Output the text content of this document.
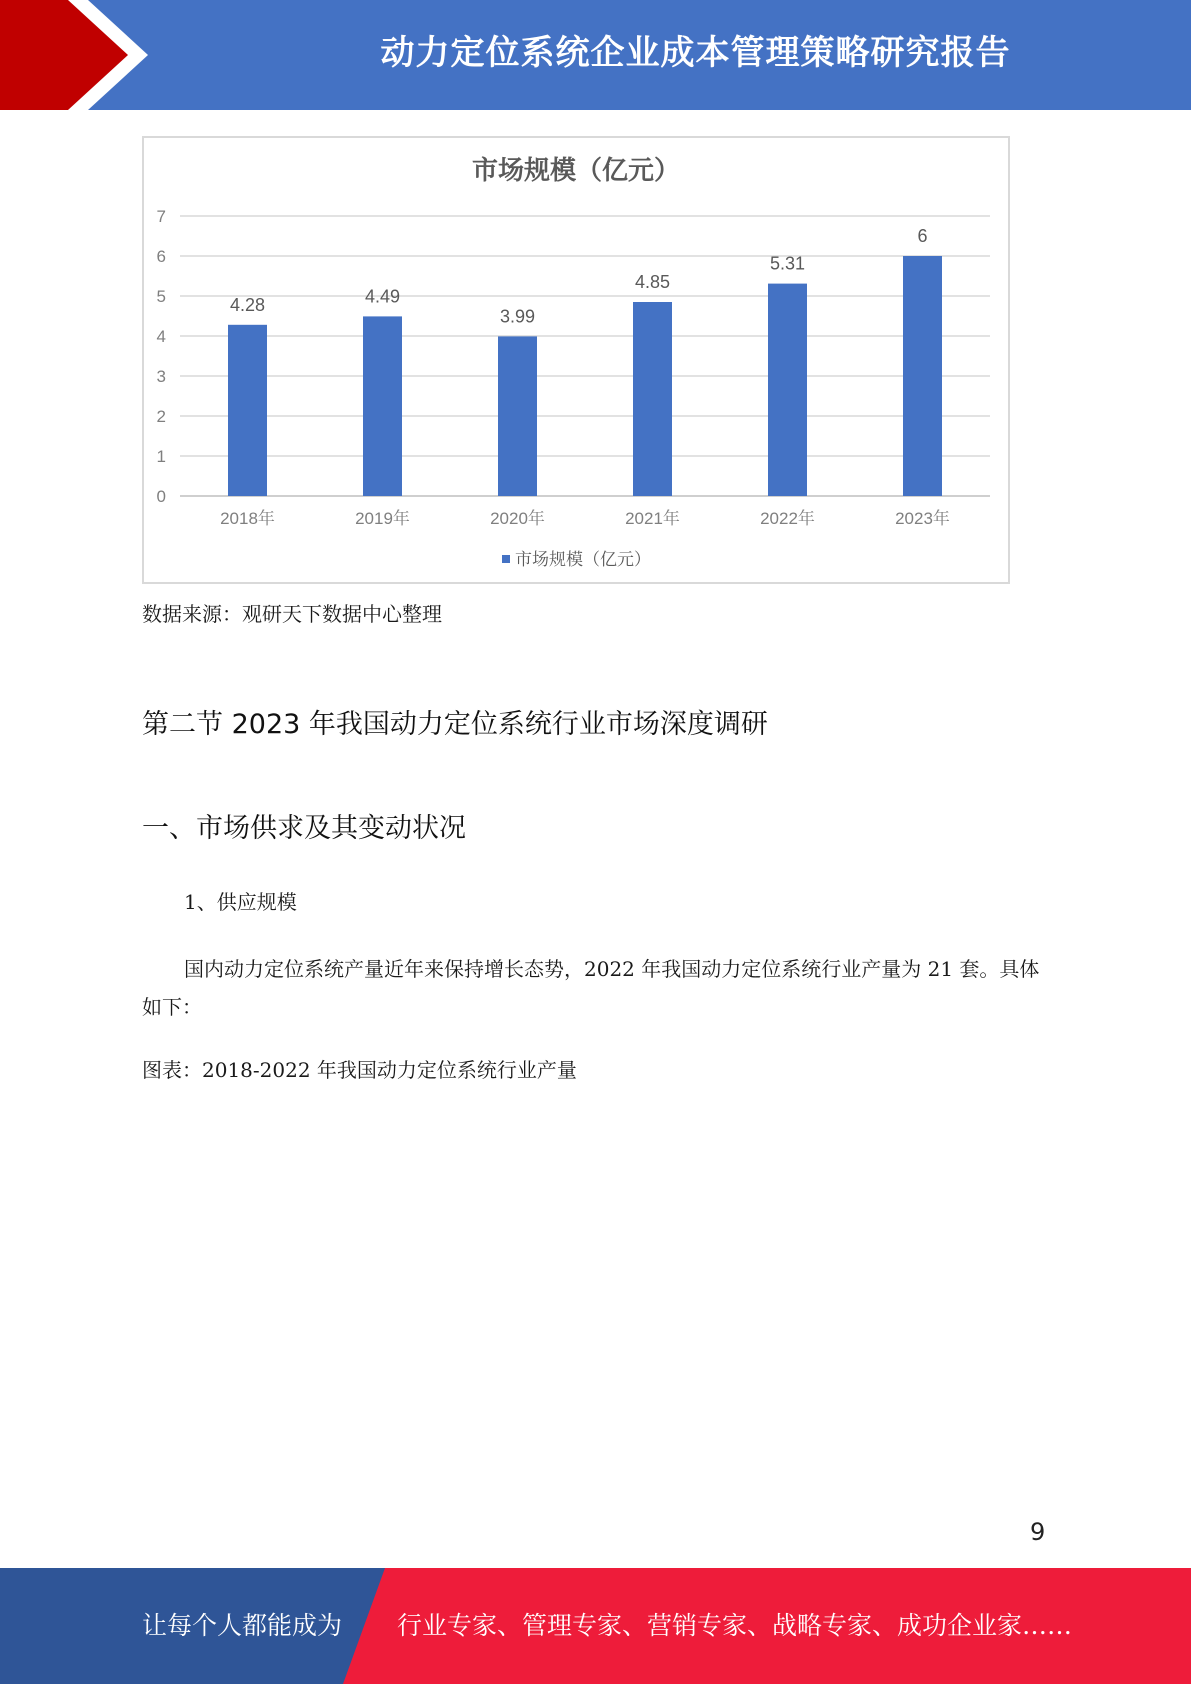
动力定位系统企业成本管理策略研究报告
市场规模（亿元）
0
1
2
3
4
5
6
7
4.28
2018年
4.49
2019年
3.99
2020年
4.85
2021年
5.31
2022年
6
2023年
市场规模（亿元）
数据来源：观研天下数据中心整理
第二节 2023 年我国动力定位系统行业市场深度调研
一、市场供求及其变动状况
1、供应规模
国内动力定位系统产量近年来保持增长态势，2022 年我国动力定位系统行业产量为 21 套。具体如下：
图表：2018-2022 年我国动力定位系统行业产量
9
让每个人都能成为 行业专家、管理专家、营销专家、战略专家、成功企业家……
